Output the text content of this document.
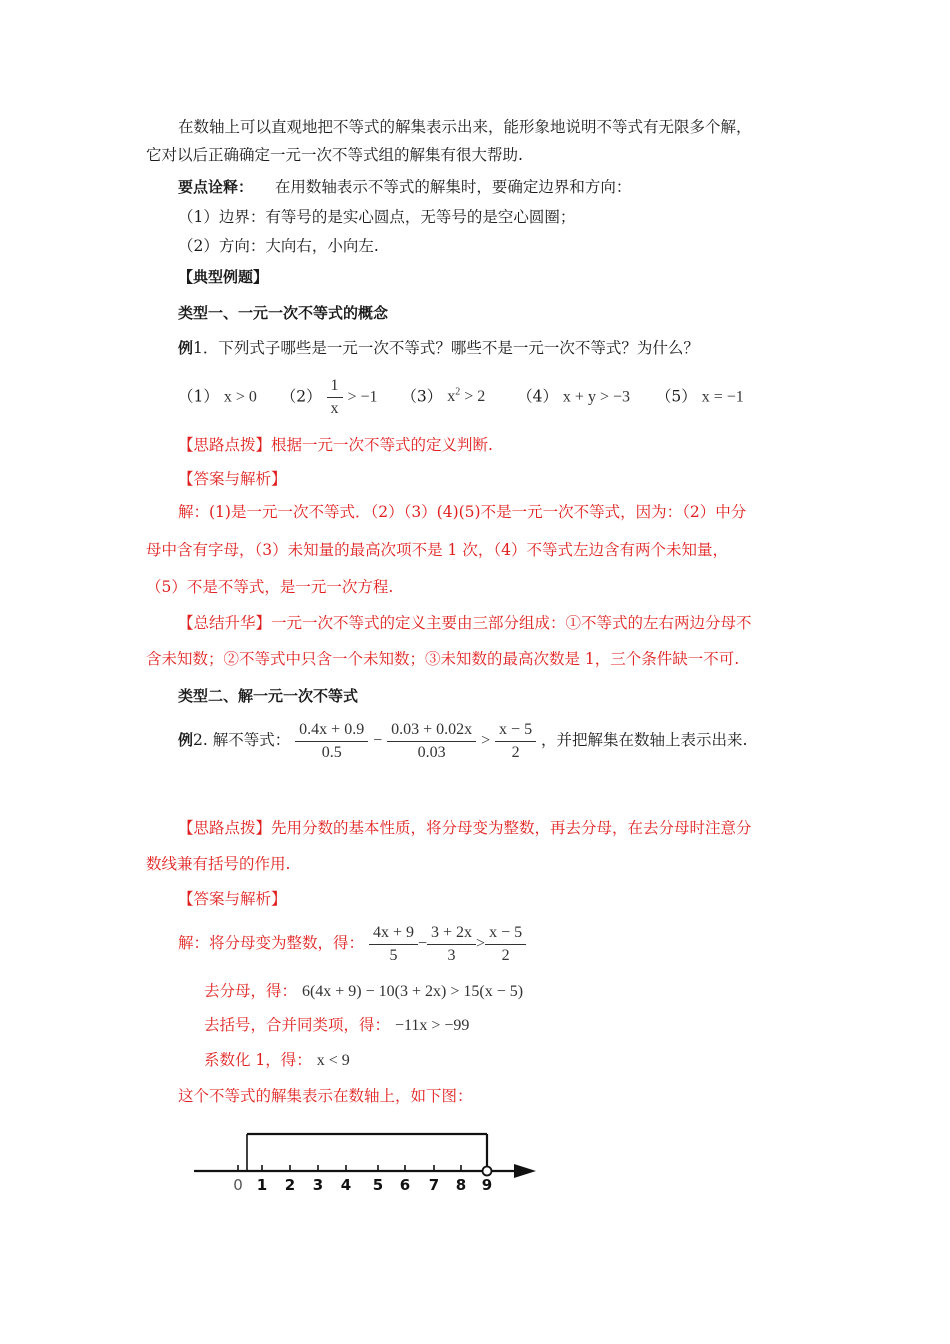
在数轴上可以直观地把不等式的解集表示出来，能形象地说明不等式有无限多个解，
它对以后正确确定一元一次不等式组的解集有很大帮助.
要点诠释： 在用数轴表示不等式的解集时，要确定边界和方向：
（1）边界：有等号的是实心圆点，无等号的是空心圆圈；
（2）方向：大向右，小向左.
【典型例题】
类型一、一元一次不等式的概念
例1．下列式子哪些是一元一次不等式？哪些不是一元一次不等式？为什么？
（1） x > 0 $(2) \frac{1}{x} > -1$ （3） $x^2 > 2$ （4） x + y > −3 （5） x = −1
【思路点拨】根据一元一次不等式的定义判断.
【答案与解析】
解：(1)是一元一次不等式．（2）（3）(4)(5)不是一元一次不等式，因为：（2）中分
母中含有字母，（3）未知量的最高次项不是 1 次，（4）不等式左边含有两个未知量，
（5）不是不等式，是一元一次方程.
【总结升华】一元一次不等式的定义主要由三部分组成：①不等式的左右两边分母不
含未知数；②不等式中只含一个未知数；③未知数的最高次数是 1，三个条件缺一不可.
类型二、解一元一次不等式
例2. 解不等式： $\frac{0.4x + 0.9}{0.5} - \frac{0.03 + 0.02x}{0.03} > \frac{x - 5}{2}$ ，并把解集在数轴上表示出来.
【思路点拨】先用分数的基本性质，将分母变为整数，再去分母，在去分母时注意分
数线兼有括号的作用.
【答案与解析】
解：将分母变为整数，得： $\frac{4x + 9}{5} - \frac{3 + 2x}{3} > \frac{x - 5}{2}$
去分母，得： 6(4x + 9) − 10(3 + 2x) > 15(x − 5)
去括号，合并同类项，得： −11x > −99
系数化 1，得： x < 9
这个不等式的解集表示在数轴上，如下图：
0 1 2 3 4 5 6 7 8 9
